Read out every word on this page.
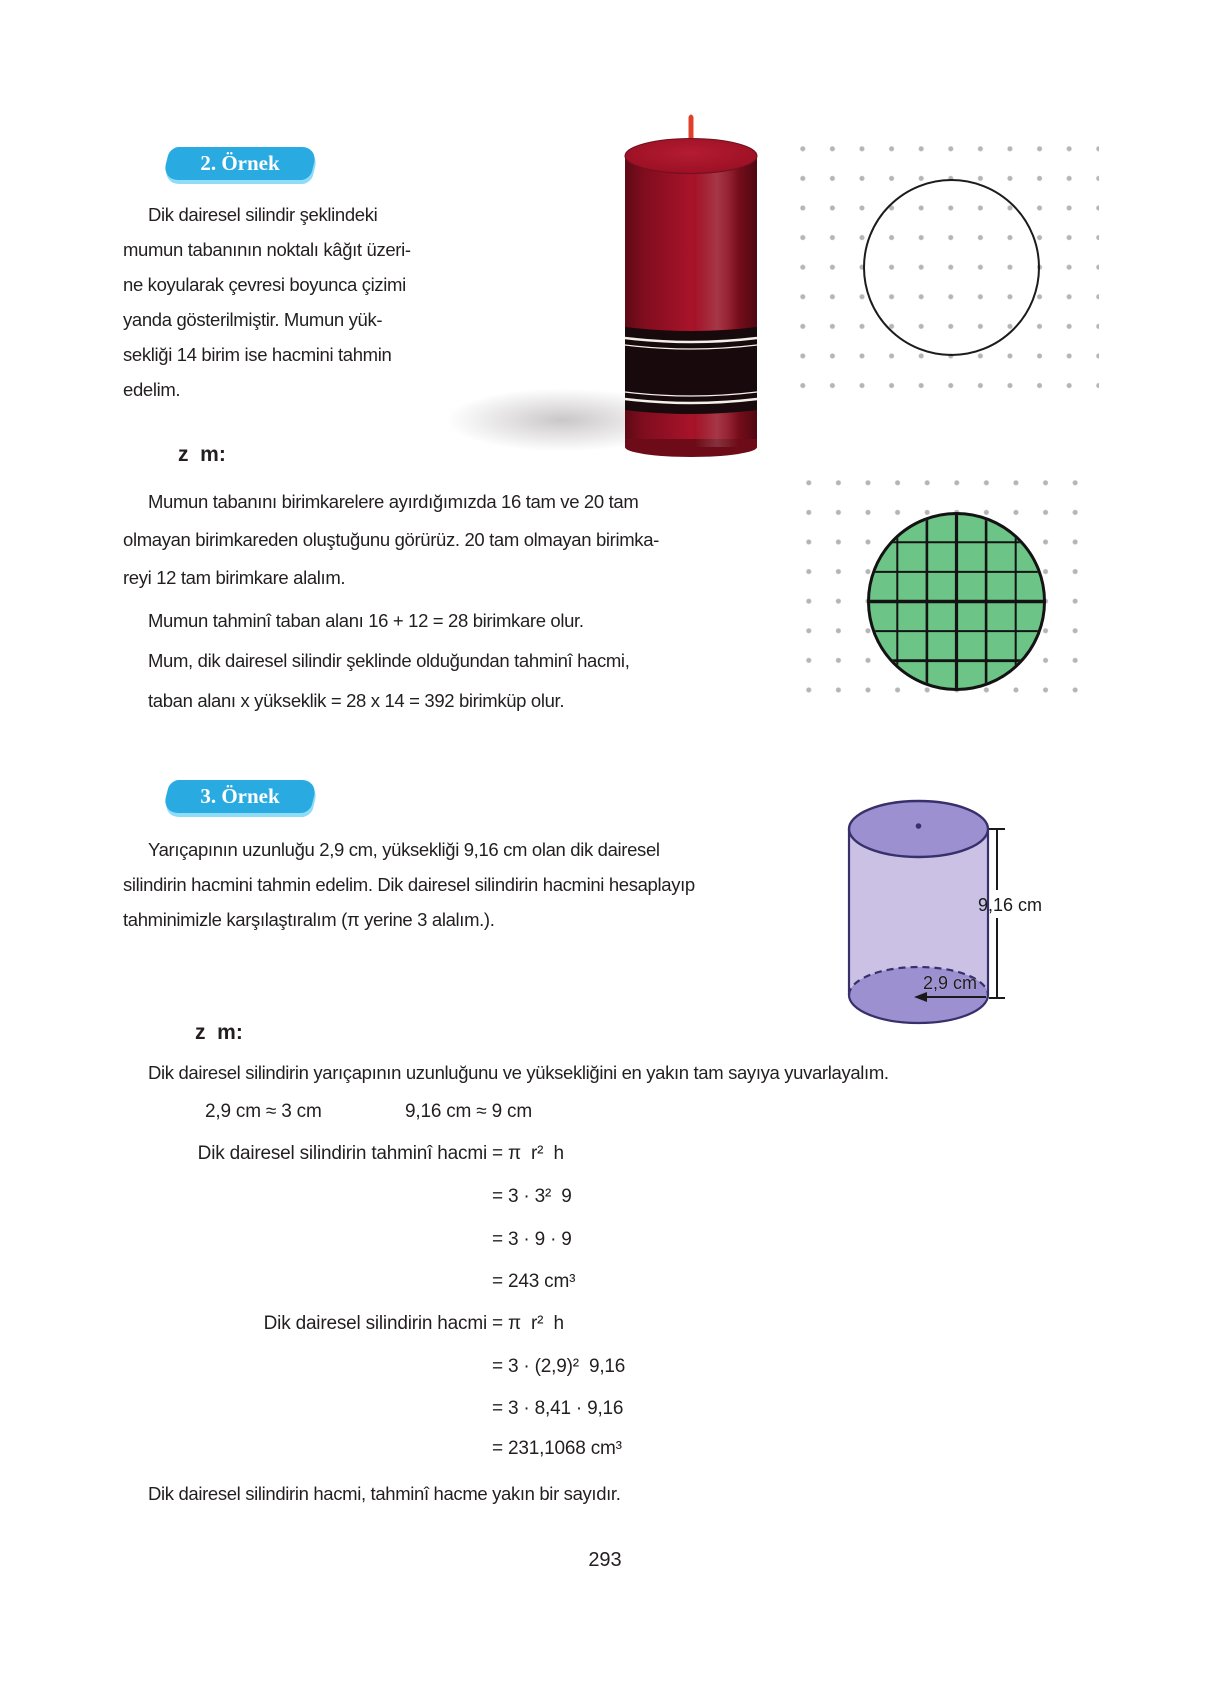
2. Örnek
Dik dairesel silindir şeklindeki
mumun tabanının noktalı kâğıt üzeri-
ne koyularak çevresi boyunca çizimi
yanda gösterilmiştir. Mumun yük-
sekliği 14 birim ise hacmini tahmin
edelim.
z  m:
Mumun tabanını birimkarelere ayırdığımızda 16 tam ve 20 tam
olmayan birimkareden oluştuğunu görürüz. 20 tam olmayan birimka-
reyi 12 tam birimkare alalım.
Mumun tahminî taban alanı 16 + 12 = 28 birimkare olur.
Mum, dik dairesel silindir şeklinde olduğundan tahminî hacmi,
taban alanı x yükseklik = 28 x 14 = 392 birimküp olur.
3. Örnek
Yarıçapının uzunluğu 2,9 cm, yüksekliği 9,16 cm olan dik dairesel
silindirin hacmini tahmin edelim. Dik dairesel silindirin hacmini hesaplayıp
tahminimizle karşılaştıralım (π yerine 3 alalım.).
9,16 cm
2,9 cm
z  m:
Dik dairesel silindirin yarıçapının uzunluğunu ve yüksekliğini en yakın tam sayıya yuvarlayalım.
2,9 cm ≈ 3 cm	9,16 cm ≈ 9 cm
Dik dairesel silindirin tahminî hacmi = π  r²  h
= 3 · 3²  9
= 3 · 9 · 9
= 243 cm³
Dik dairesel silindirin hacmi = π  r²  h
= 3 · (2,9)²  9,16
= 3 · 8,41 · 9,16
= 231,1068 cm³
Dik dairesel silindirin hacmi, tahminî hacme yakın bir sayıdır.
293
